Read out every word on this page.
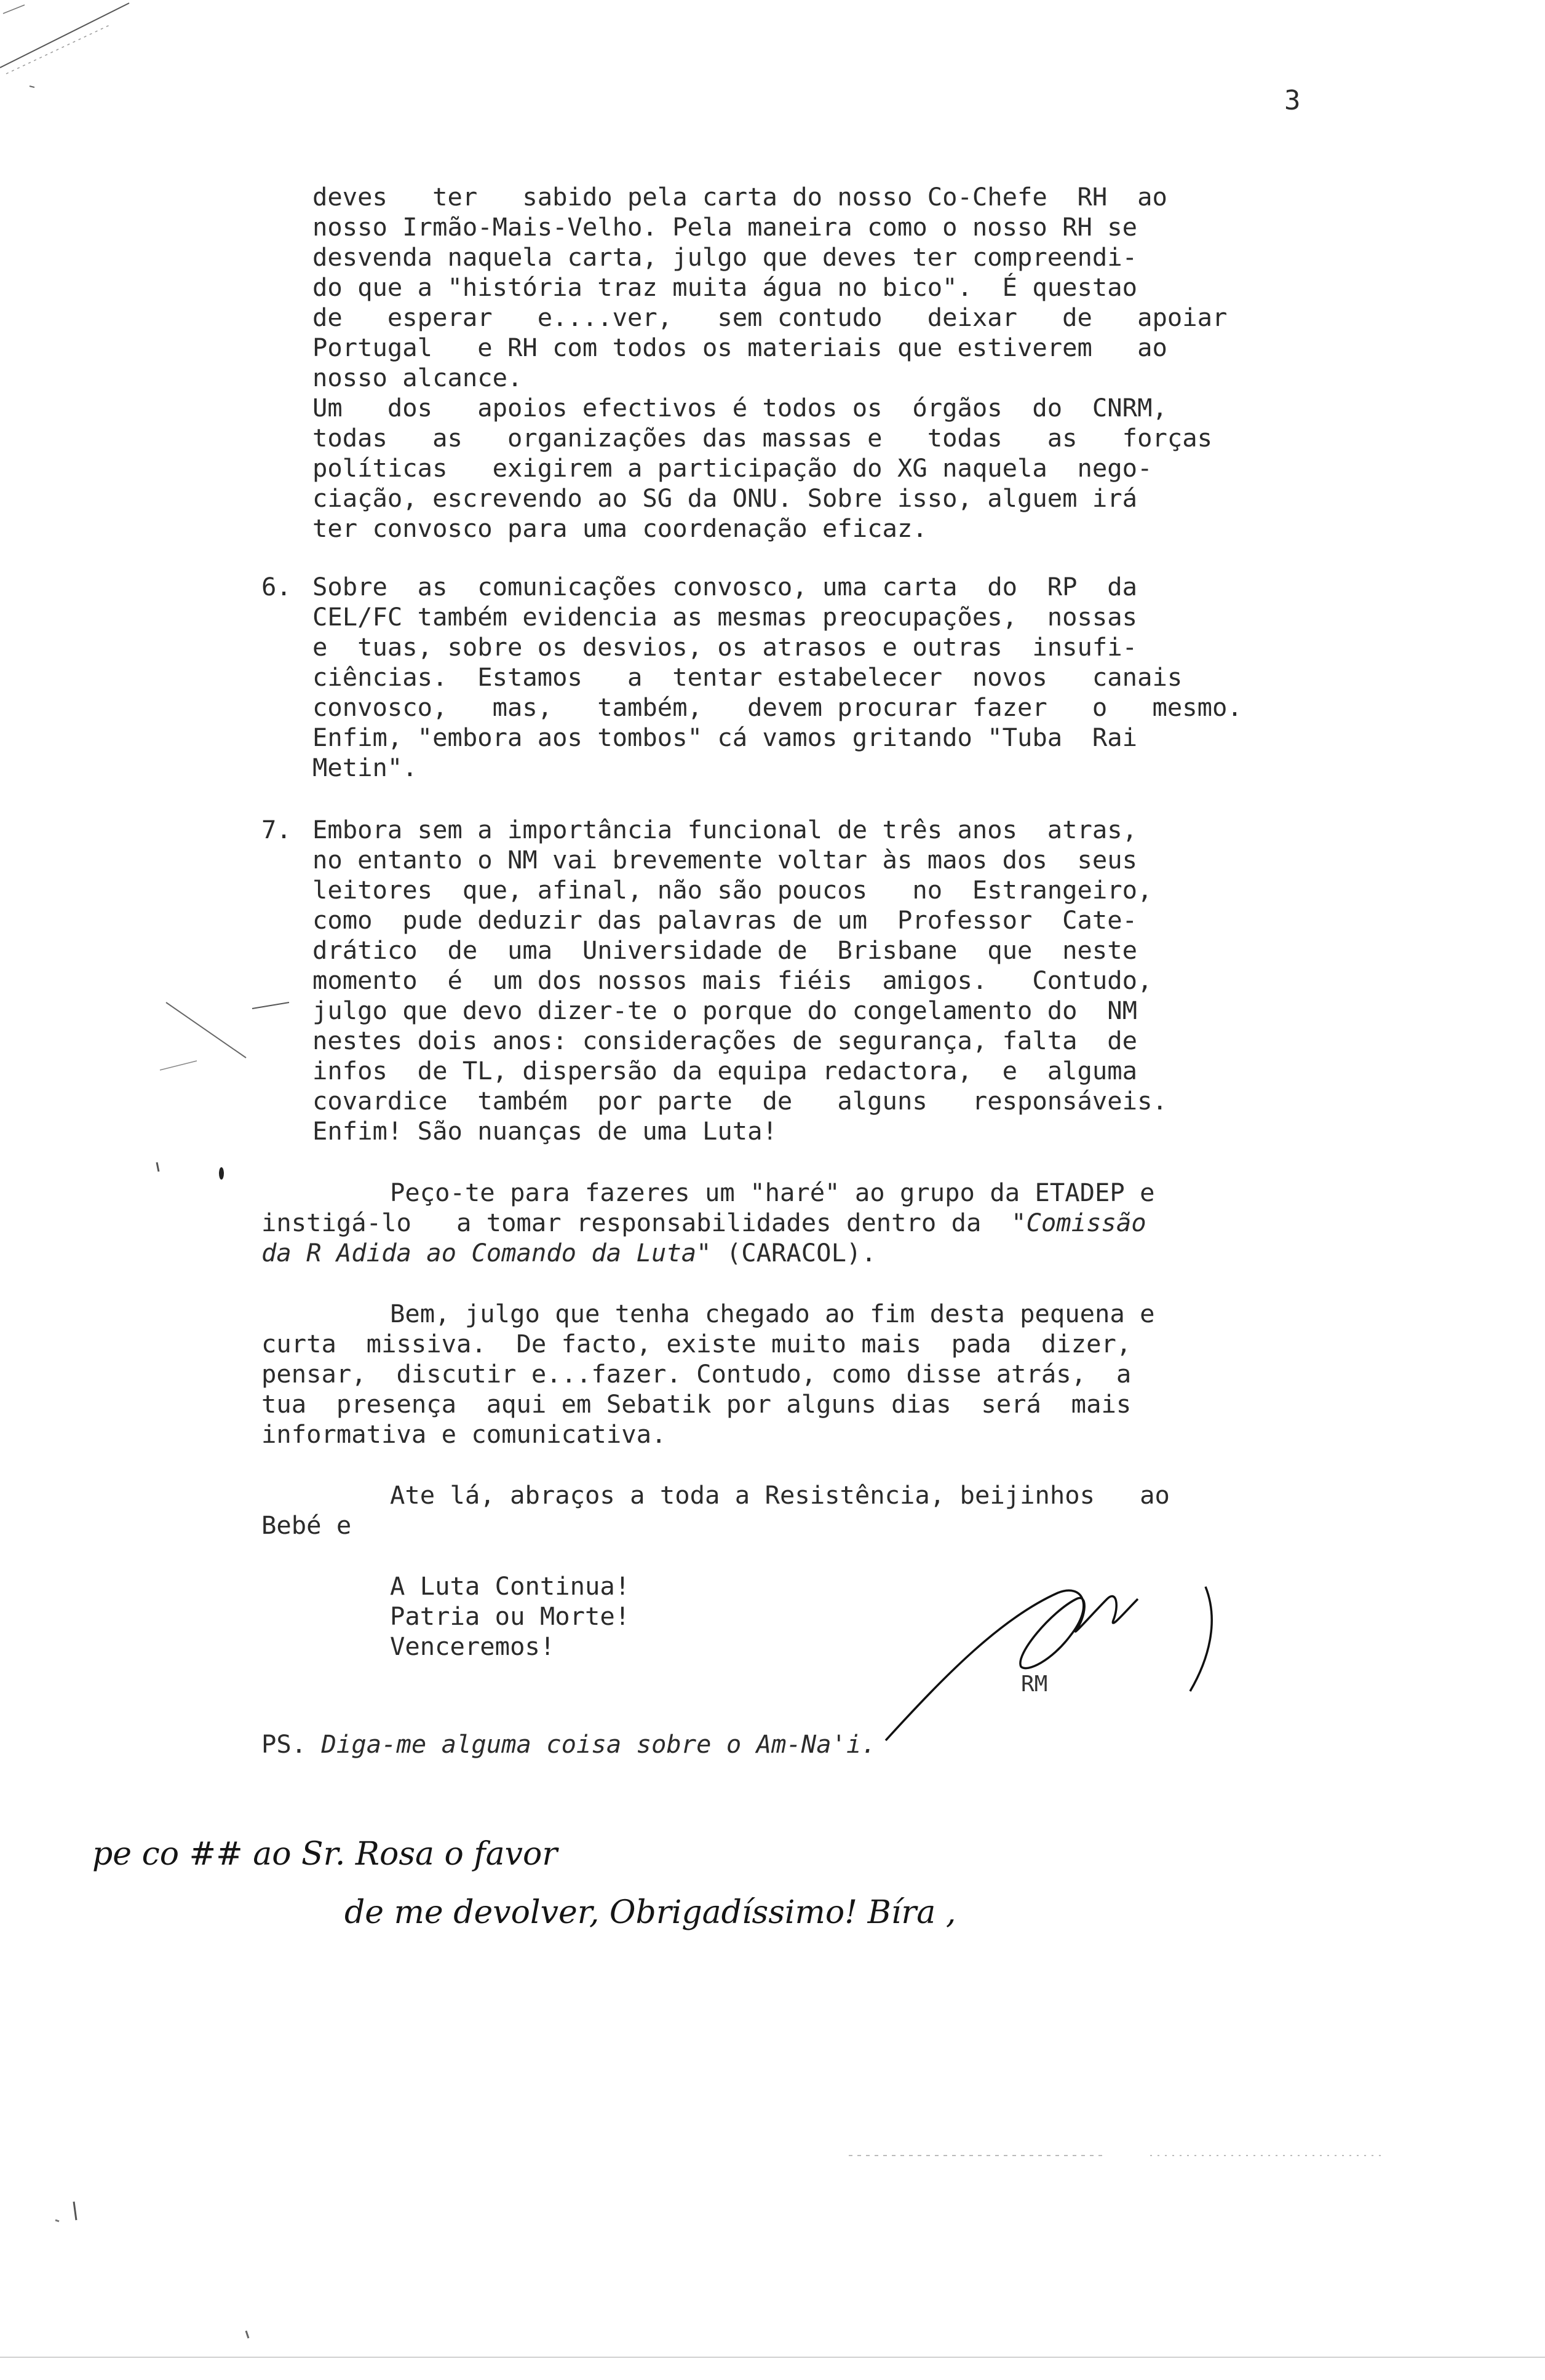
3
deves   ter   sabido pela carta do nosso Co-Chefe  RH  ao
nosso Irmão-Mais-Velho. Pela maneira como o nosso RH se
desvenda naquela carta, julgo que deves ter compreendi-
do que a "história traz muita água no bico".  É questao
de   esperar   e....ver,   sem contudo   deixar   de   apoiar
Portugal   e RH com todos os materiais que estiverem   ao
nosso alcance.
Um   dos   apoios efectivos é todos os  órgãos  do  CNRM,
todas   as   organizações das massas e   todas   as   forças
políticas   exigirem a participação do XG naquela  nego-
ciação, escrevendo ao SG da ONU. Sobre isso, alguem irá
ter convosco para uma coordenação eficaz.
6. Sobre  as  comunicações convosco, uma carta  do  RP  da
CEL/FC também evidencia as mesmas preocupações,  nossas
e  tuas, sobre os desvios, os atrasos e outras  insufi-
ciências.  Estamos   a  tentar estabelecer  novos   canais
convosco,   mas,   também,   devem procurar fazer   o   mesmo.
Enfim, "embora aos tombos" cá vamos gritando "Tuba  Rai
Metin".
7. Embora sem a importância funcional de três anos  atras,
no entanto o NM vai brevemente voltar às maos dos  seus
leitores  que, afinal, não são poucos   no  Estrangeiro,
como  pude deduzir das palavras de um  Professor  Cate-
drático  de  uma  Universidade de  Brisbane  que  neste
momento  é  um dos nossos mais fiéis  amigos.   Contudo,
julgo que devo dizer-te o porque do congelamento do  NM
nestes dois anos: considerações de segurança, falta  de
infos  de TL, dispersão da equipa redactora,  e  alguma
covardice  também  por parte  de   alguns   responsáveis.
Enfim! São nuanças de uma Luta!
Peço-te para fazeres um "haré" ao grupo da ETADEP e
instigá-lo   a tomar responsabilidades dentro da  "Comissão
da R Adida ao Comando da Luta" (CARACOL).
Bem, julgo que tenha chegado ao fim desta pequena e
curta  missiva.  De facto, existe muito mais  pada  dizer,
pensar,  discutir e...fazer. Contudo, como disse atrás,  a
tua  presença  aqui em Sebatik por alguns dias  será  mais
informativa e comunicativa.
Ate lá, abraços a toda a Resistência, beijinhos   ao
Bebé e
A Luta Continua!
Patria ou Morte!
Venceremos!
RM
PS. Diga-me alguma coisa sobre o Am-Na'i.
pe co ## ao Sr. Rosa o favor
de me devolver, Obrigadíssimo! Bíra ,
